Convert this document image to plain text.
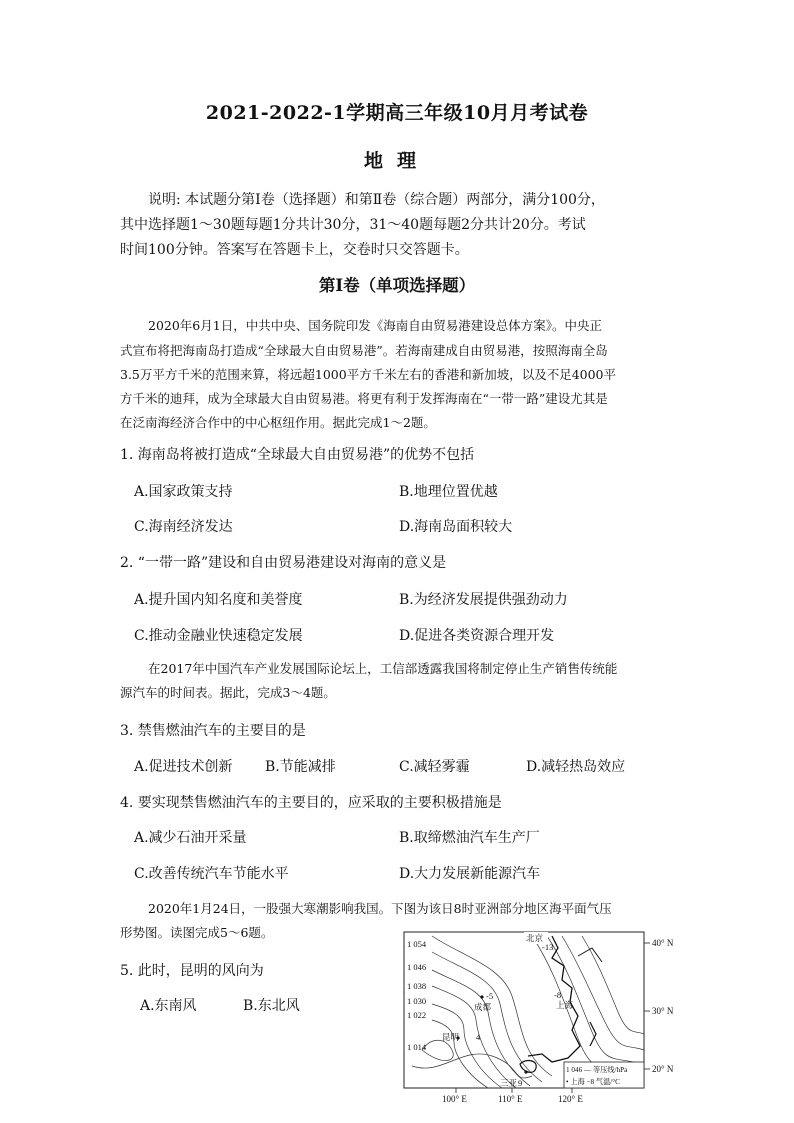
2021-2022-1学期高三年级10月月考试卷
地理
说明: 本试题分第Ⅰ卷（选择题）和第Ⅱ卷（综合题）两部分，满分100分，
其中选择题1～30题每题1分共计30分，31～40题每题2分共计20分。考试
时间100分钟。答案写在答题卡上，交卷时只交答题卡。
第Ⅰ卷（单项选择题）
2020年6月1日，中共中央、国务院印发《海南自由贸易港建设总体方案》。中央正
式宣布将把海南岛打造成“全球最大自由贸易港”。若海南建成自由贸易港，按照海南全岛
3.5万平方千米的范围来算，将远超1000平方千米左右的香港和新加坡，以及不足4000平
方千米的迪拜，成为全球最大自由贸易港。将更有利于发挥海南在“一带一路”建设尤其是
在泛南海经济合作中的中心枢纽作用。据此完成1～2题。
1. 海南岛将被打造成“全球最大自由贸易港”的优势不包括
A.国家政策支持	B.地理位置优越
C.海南经济发达	D.海南岛面积较大
2. “一带一路”建设和自由贸易港建设对海南的意义是
A.提升国内知名度和美誉度	B.为经济发展提供强劲动力
C.推动金融业快速稳定发展	D.促进各类资源合理开发
在2017年中国汽车产业发展国际论坛上，工信部透露我国将制定停止生产销售传统能
源汽车的时间表。据此，完成3～4题。
3. 禁售燃油汽车的主要目的是
A.促进技术创新 B.节能减排	C.减轻雾霾	D.减轻热岛效应
4. 要实现禁售燃油汽车的主要目的，应采取的主要积极措施是
A.减少石油开采量	B.取缔燃油汽车生产厂
C.改善传统汽车节能水平	D.大力发展新能源汽车
2020年1月24日，一股强大寒潮影响我国。下图为该日8时亚洲部分地区海平面气压
形势图。读图完成5～6题。
5. 此时，昆明的风向为
A.东南风	B.东北风
1 054
1 046
1 038
1 030
1 022
1 014
北京
-13
-5
成都
-8
上海
昆明 4
9
三亚
1 046 — 等压线/hPa
• 上海 −8 气温/°C
40° N
30° N
20° N
100° E	110° E	120° E
